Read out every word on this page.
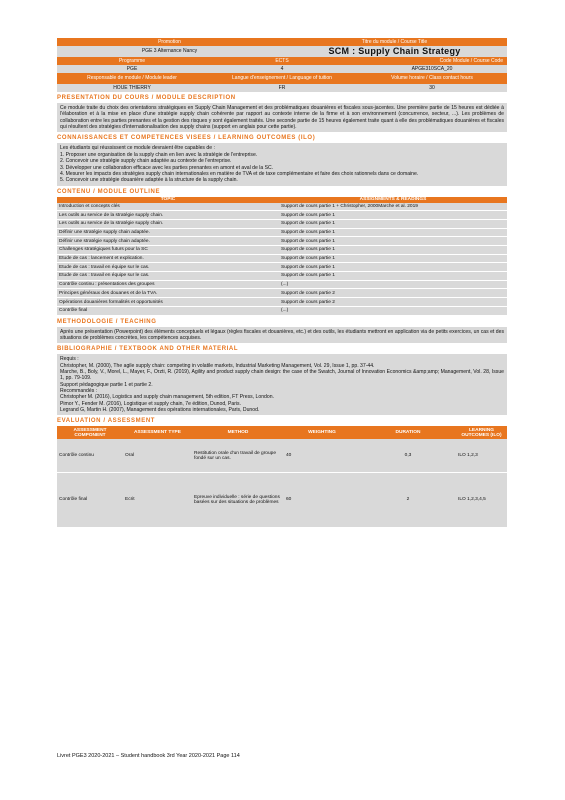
Promotion	Titre du module / Course Title
PGE 3 Alternance Nancy	SCM : Supply Chain Strategy
Programme	ECTS	Code Module / Course Code
PGE	4	APGE310SCA_20
Responsable de module / Module leader	Langue d'enseignement / Language of tuition	Volume horaire / Class contact hours
HOUE THIERRY	FR	30
PRESENTATION DU COURS / MODULE DESCRIPTION
Ce module traite du choix des orientations stratégiques en Supply Chain Management et des problématiques douanières et fiscales sous-jacentes. Une première partie de 15 heures est dédiée à l'élaboration et à la mise en place d'une stratégie supply chain cohérente par rapport au contexte interne de la firme et à son environnement (concurrence, secteur, ...). Les problèmes de collaboration entre les parties prenantes et la gestion des risques y sont également traités. Une seconde partie de 15 heures également traite quant à elle des problématiques douanières et fiscales qui résultent des stratégies d'internationalisation des supply chains (support en anglais pour cette partie).
CONNAISSANCES ET COMPETENCES VISEES / LEARNING OUTCOMES (ILO)

Les étudiants qui réussissent ce module devraient être capables de :

1. Proposer une organisation de la supply chain en lien avec la stratégie de l'entreprise.

2. Concevoir une stratégie supply chain adaptée au contexte de l'entreprise.

3. Développer une collaboration efficace avec les parties prenantes en amont et aval de la SC.

4. Mesurer les impacts des stratégies supply chain internationales en matière de TVA et de taxe complémentaire et faire des choix rationnels dans ce domaine.

5. Concevoir une stratégie douanière adaptée à la structure de la supply chain.

CONTENU / MODULE OUTLINE
TOPIC	ASSIGNMENTS & READINGS
Introduction et concepts clés	Support de cours partie 1 + Christopher, 2000Marche et al. 2019
Les outils au service de la stratégie supply chain.	Support de cours partie 1
Les outils au service de la stratégie supply chain.	Support de cours partie 1
Définir une stratégie supply chain adaptée.	Support de cours partie 1
Définir une stratégie supply chain adaptée.	Support de cours partie 1
Challenges stratégiques futurs pour la SC	Support de cours partie 1
Etude de cas : lancement et explication.	Support de cours partie 1
Etude de cas : travail en équipe sur le cas.	Support de cours partie 1
Etude de cas : travail en équipe sur le cas.	Support de cours partie 1
Contrôle continu : présentations des groupes	(...)
Principes généraux des douanes et de la TVA.	Support de cours partie 2
Opérations douanières formalités et opportunités	Support de cours partie 2
Contrôle final	(...)
METHODOLOGIE / TEACHING
Après une présentation (Powerpoint) des éléments conceptuels et légaux (règles fiscales et douanières, etc.) et des outils, les étudiants mettront en application via de petits exercices, un cas et des situations de problèmes concrètes, les compétences acquises.
BIBLIOGRAPHIE / TEXTBOOK AND OTHER MATERIAL

Requis :

Christopher, M. (2000), The agile supply chain: competing in volatile markets, Industrial Marketing Management, Vol. 29, Issue 1, pp. 37-44.

Marche, B., Boly, V., Morel, L., Mayer, F., Orzti, R. (2019), Agility and product supply chain design: the case of the Swatch, Journal of Innovation Economics &amp;amp; Management, Vol. 28, Issue 1, pp. 79-109.

Support pédagogique partie 1 et partie 2.

Recommandés :

Christopher M. (2016), Logistics and supply chain management, 5th edition, FT Press, London.

Pimor Y., Fender M. (2016), Logistique et supply chain, 7e édition, Dunod, Paris.

Legrand G, Martin H. (2007), Management des opérations internationales, Paris, Dunod.

EVALUATION / ASSESSMENT
ASSESSMENT COMPONENT	ASSESSMENT TYPE	METHOD	WEIGHTING	DURATION	LEARNING OUTCOMES (ILO)
Contrôle continu	Oral	Restitution orale d'un travail de groupe fondé sur un cas.	40	0,3	ILO 1,2,3
Contrôle final	Ecrit	Epreuve individuelle : série de questions basées sur des situations de problèmes	60	2	ILO 1,2,3,4,5
Livret PGE3 2020-2021 – Student handbook 3rd Year 2020-2021 Page 114
